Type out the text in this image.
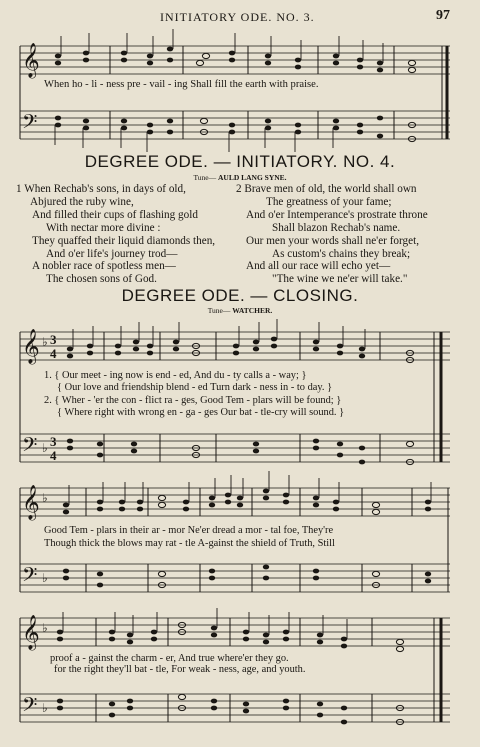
INITIATORY ODE. NO. 3.	97
𝄞
𝄢
When ho - li - ness pre - vail - ing Shall fill the earth with praise.
DEGREE ODE. — INITIATORY. NO. 4.
Tune— AULD LANG SYNE.
1 When Rechab's sons, in days of old,
Abjured the ruby wine,
And filled their cups of flashing gold
With nectar more divine :
They quaffed their liquid diamonds then,
And o'er life's journey trod—
A nobler race of spotless men—
The chosen sons of God.
2 Brave men of old, the world shall own
The greatness of your fame;
And o'er Intemperance's prostrate throne
Shall blazon Rechab's name.
Our men your words shall ne'er forget,
As custom's chains they break;
And all our race will echo yet—
"The wine we ne'er will take."
DEGREE ODE. — CLOSING.
Tune— WATCHER.
𝄞 ♭ 3
4
𝄢 ♭ 3
4
1. { Our meet - ing now is end - ed, And du - ty calls a - way; }
{ Our love and friendship blend - ed Turn dark - ness in - to day. }
2. { Wher - 'er the con - flict ra - ges, Good Tem - plars will be found; }
{ Where right with wrong en - ga - ges Our bat - tle-cry will sound. }
𝄞 ♭
𝄢 ♭
Good Tem - plars in their ar - mor Ne'er dread a mor - tal foe, They're
Though thick the blows may rat - tle A-gainst the shield of Truth, Still
𝄞 ♭
𝄢 ♭
proof a - gainst the charm - er, And true where'er they go.
for the right they'll bat - tle, For weak - ness, age, and youth.
